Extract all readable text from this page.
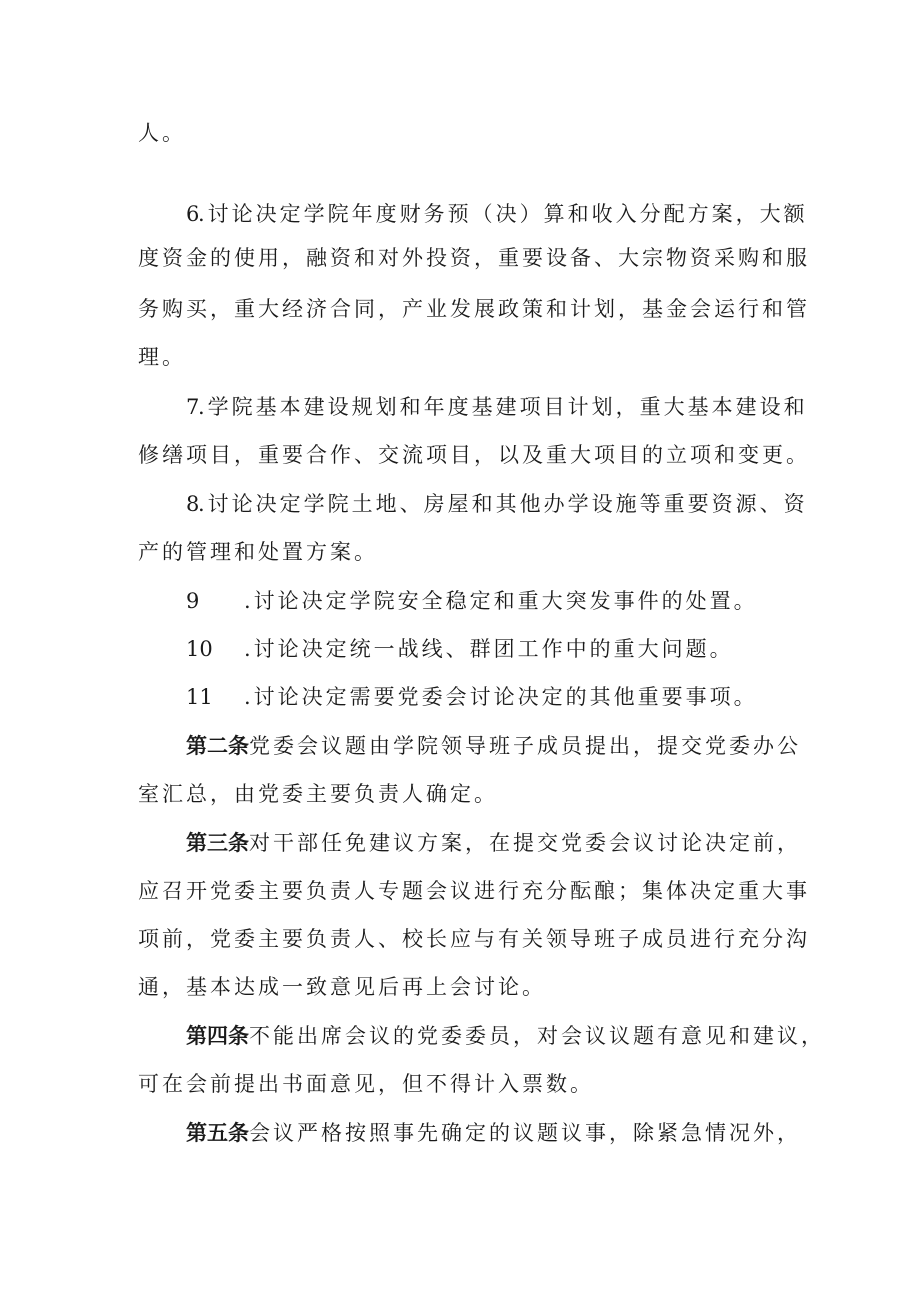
人。
6.讨论决定学院年度财务预（决）算和收入分配方案，大额
度资金的使用，融资和对外投资，重要设备、大宗物资采购和服
务购买，重大经济合同，产业发展政策和计划，基金会运行和管
理。
7.学院基本建设规划和年度基建项目计划，重大基本建设和
修缮项目，重要合作、交流项目，以及重大项目的立项和变更。
8.讨论决定学院土地、房屋和其他办学设施等重要资源、资
产的管理和处置方案。
9 .讨论决定学院安全稳定和重大突发事件的处置。
10 .讨论决定统一战线、群团工作中的重大问题。
11 .讨论决定需要党委会讨论决定的其他重要事项。
第二条党委会议题由学院领导班子成员提出，提交党委办公
室汇总，由党委主要负责人确定。
第三条对干部任免建议方案，在提交党委会议讨论决定前，
应召开党委主要负责人专题会议进行充分酝酿；集体决定重大事
项前，党委主要负责人、校长应与有关领导班子成员进行充分沟
通，基本达成一致意见后再上会讨论。
第四条不能出席会议的党委委员，对会议议题有意见和建议，
可在会前提出书面意见，但不得计入票数。
第五条会议严格按照事先确定的议题议事，除紧急情况外，
